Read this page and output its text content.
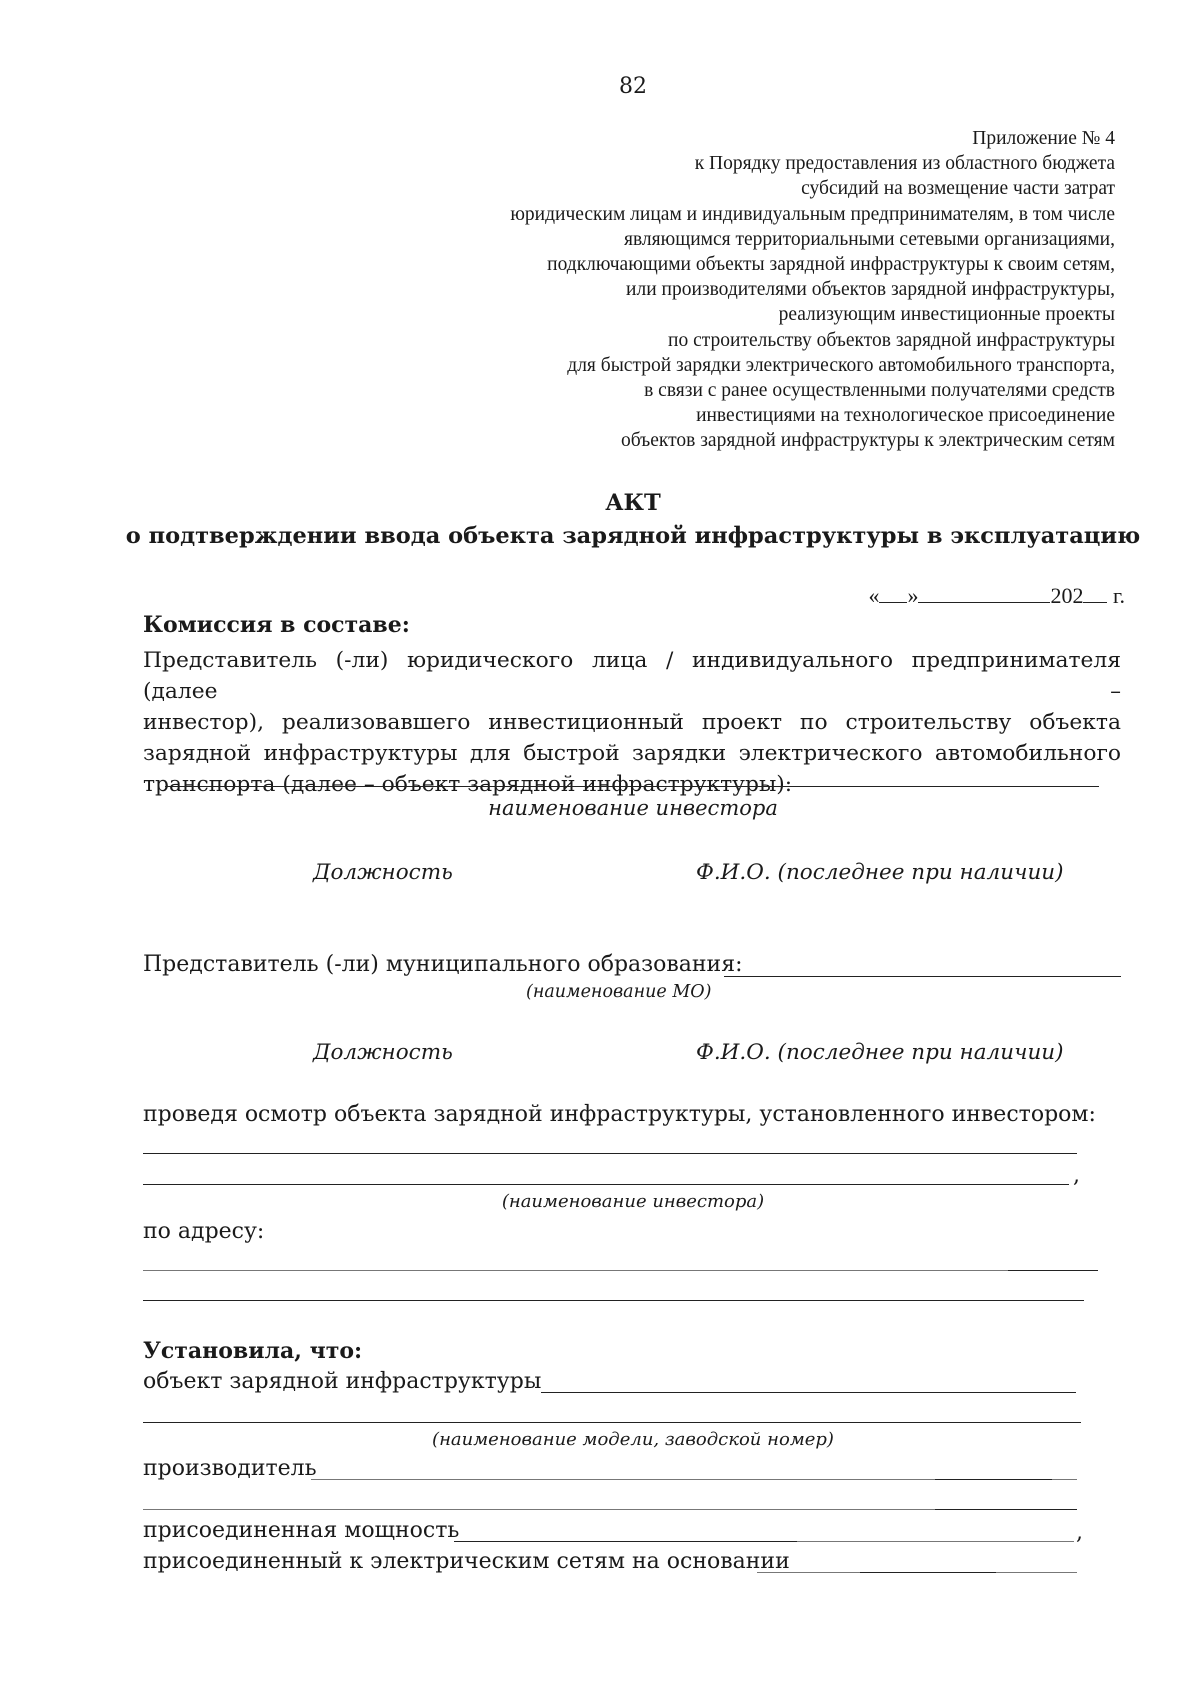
82
Приложение № 4
к Порядку предоставления из областного бюджета
субсидий на возмещение части затрат
юридическим лицам и индивидуальным предпринимателям, в том числе
являющимся территориальными сетевыми организациями,
подключающими объекты зарядной инфраструктуры к своим сетям,
или производителями объектов зарядной инфраструктуры,
реализующим инвестиционные проекты
по строительству объектов зарядной инфраструктуры
для быстрой зарядки электрического автомобильного транспорта,
в связи с ранее осуществленными получателями средств
инвестициями на технологическое присоединение
объектов зарядной инфраструктуры к электрическим сетям
АКТ
о подтверждении ввода объекта зарядной инфраструктуры в эксплуатацию
« »	202 г.
Комиссия в составе:
Представитель (-ли) юридического лица / индивидуального предпринимателя (далее –
инвестор), реализовавшего инвестиционный проект по строительству объекта
зарядной инфраструктуры для быстрой зарядки электрического автомобильного
транспорта (далее – объект зарядной инфраструктуры):
наименование инвестора
Должность	Ф.И.О. (последнее при наличии)
Представитель (-ли) муниципального образования:
(наименование МО)
Должность	Ф.И.О. (последнее при наличии)
проведя осмотр объекта зарядной инфраструктуры, установленного инвестором:
,
(наименование инвестора)
по адресу:
Установила, что:
объект зарядной инфраструктуры
(наименование модели, заводской номер)
производитель
присоединенная мощность	,
присоединенный к электрическим сетям на основании
